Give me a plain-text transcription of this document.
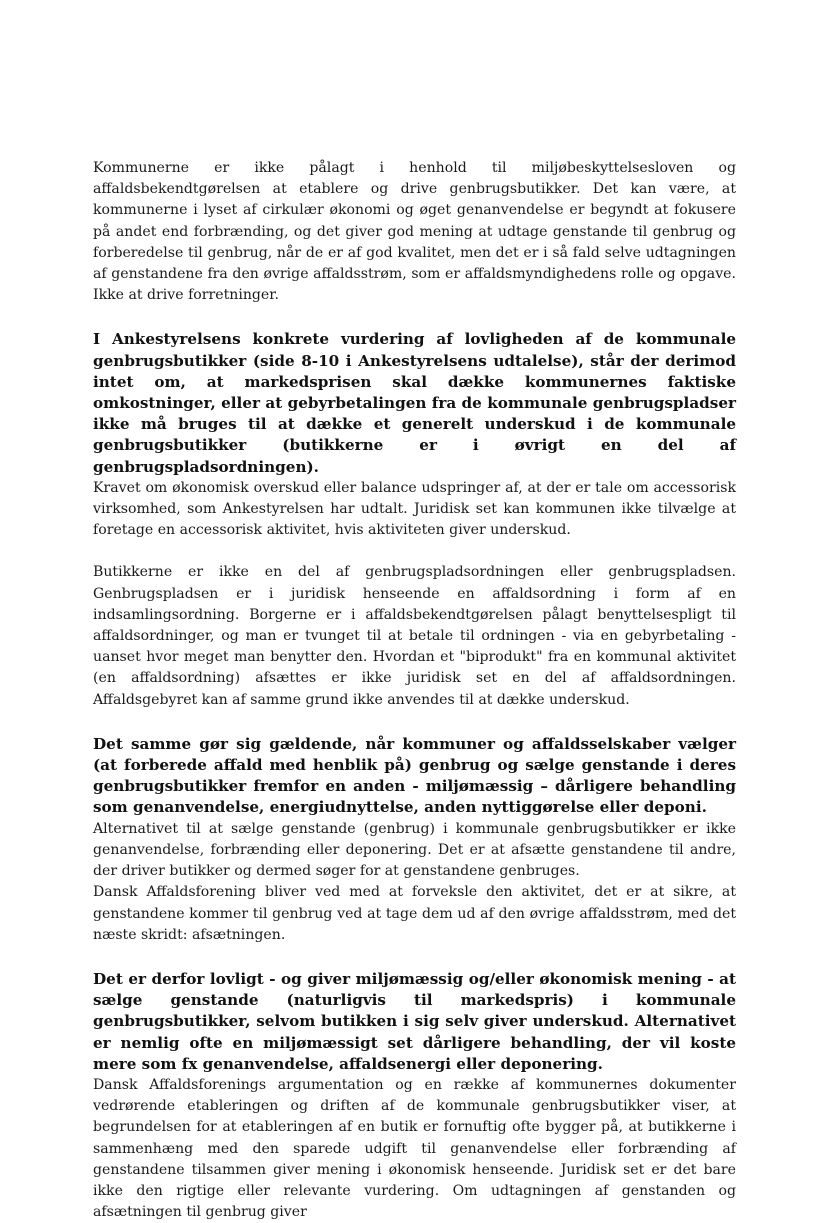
Kommunerne er ikke pålagt i henhold til miljøbeskyttelsesloven og affaldsbekendtgørelsen at etablere og drive genbrugsbutikker. Det kan være, at kommunerne i lyset af cirkulær økonomi og øget genanvendelse er begyndt at fokusere på andet end forbrænding, og det giver god mening at udtage genstande til genbrug og forberedelse til genbrug, når de er af god kvalitet, men det er i så fald selve udtagningen af genstandene fra den øvrige affaldsstrøm, som er affaldsmyndighedens rolle og opgave. Ikke at drive forretninger.

I Ankestyrelsens konkrete vurdering af lovligheden af de kommunale genbrugsbutikker (side 8-10 i Ankestyrelsens udtalelse), står der derimod intet om, at markedsprisen skal dække kommunernes faktiske omkostninger, eller at gebyrbetalingen fra de kommunale genbrugspladser ikke må bruges til at dække et generelt underskud i de kommunale genbrugsbutikker (butikkerne er i øvrigt en del af genbrugspladsordningen).

Kravet om økonomisk overskud eller balance udspringer af, at der er tale om accessorisk virksomhed, som Ankestyrelsen har udtalt. Juridisk set kan kommunen ikke tilvælge at foretage en accessorisk aktivitet, hvis aktiviteten giver underskud.

Butikkerne er ikke en del af genbrugspladsordningen eller genbrugspladsen. Genbrugspladsen er i juridisk henseende en affaldsordning i form af en indsamlingsordning. Borgerne er i affaldsbekendtgørelsen pålagt benyttelsespligt til affaldsordninger, og man er tvunget til at betale til ordningen - via en gebyrbetaling - uanset hvor meget man benytter den. Hvordan et "biprodukt" fra en kommunal aktivitet (en affaldsordning) afsættes er ikke juridisk set en del af affaldsordningen. Affaldsgebyret kan af samme grund ikke anvendes til at dække underskud.

Det samme gør sig gældende, når kommuner og affaldsselskaber vælger (at forberede affald med henblik på) genbrug og sælge genstande i deres genbrugsbutikker fremfor en anden - miljømæssig – dårligere behandling som genanvendelse, energiudnyttelse, anden nyttiggørelse eller deponi.

Alternativet til at sælge genstande (genbrug) i kommunale genbrugsbutikker er ikke genanvendelse, forbrænding eller deponering. Det er at afsætte genstandene til andre, der driver butikker og dermed søger for at genstandene genbruges.

Dansk Affaldsforening bliver ved med at forveksle den aktivitet, det er at sikre, at genstandene kommer til genbrug ved at tage dem ud af den øvrige affaldsstrøm, med det næste skridt: afsætningen.

Det er derfor lovligt - og giver miljømæssig og/eller økonomisk mening - at sælge genstande (naturligvis til markedspris) i kommunale genbrugsbutikker, selvom butikken i sig selv giver underskud. Alternativet er nemlig ofte en miljømæssigt set dårligere behandling, der vil koste mere som fx genanvendelse, affaldsenergi eller deponering.

Dansk Affaldsforenings argumentation og en række af kommunernes dokumenter vedrørende etableringen og driften af de kommunale genbrugsbutikker viser, at begrundelsen for at etableringen af en butik er fornuftig ofte bygger på, at butikkerne i sammenhæng med den sparede udgift til genanvendelse eller forbrænding af genstandene tilsammen giver mening i økonomisk henseende. Juridisk set er det bare ikke den rigtige eller relevante vurdering. Om udtagningen af genstanden og afsætningen til genbrug giver
